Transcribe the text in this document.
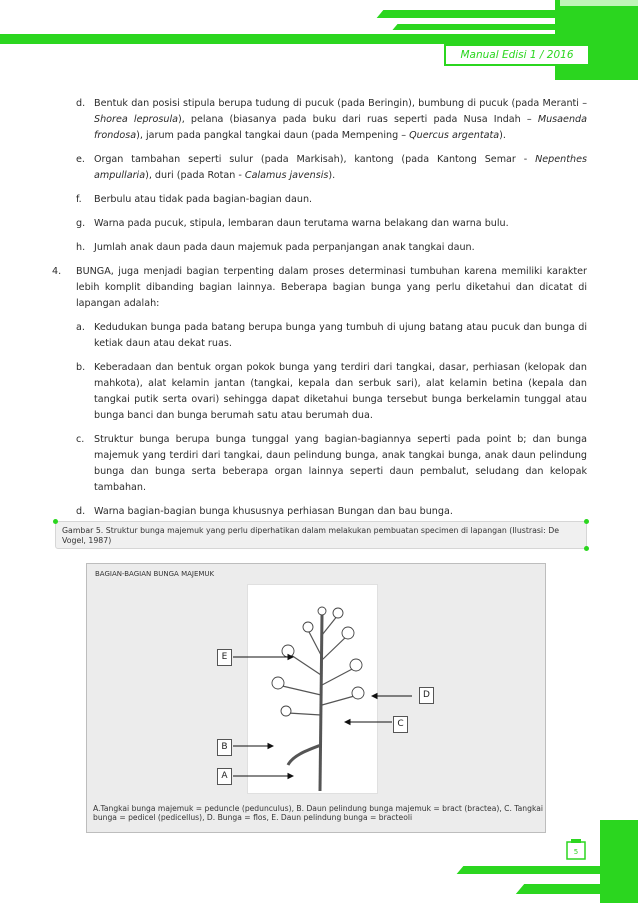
Manual Edisi 1 / 2016
d. Bentuk dan posisi stipula berupa tudung di pucuk (pada Beringin), bumbung di pucuk (pada Meranti – Shorea leprosula), pelana (biasanya pada buku dari ruas seperti pada Nusa Indah – Musaenda frondosa), jarum pada pangkal tangkai daun (pada Mempening – Quercus argentata).
e. Organ tambahan seperti sulur (pada Markisah), kantong (pada Kantong Semar - Nepenthes ampullaria), duri (pada Rotan - Calamus javensis).
f.	Berbulu atau tidak pada bagian-bagian daun.
g. Warna pada pucuk, stipula, lembaran daun terutama warna belakang dan warna bulu.
h. Jumlah anak daun pada daun majemuk pada perpanjangan anak tangkai daun.
4.	BUNGA, juga menjadi bagian terpenting dalam proses determinasi tumbuhan karena memiliki karakter lebih komplit dibanding bagian lainnya. Beberapa bagian bunga yang perlu diketahui dan dicatat di lapangan adalah:
a. Kedudukan bunga pada batang berupa bunga yang tumbuh di ujung batang atau pucuk dan bunga di ketiak daun atau dekat ruas.
b. Keberadaan dan bentuk organ pokok bunga yang terdiri dari tangkai, dasar, perhiasan (kelopak dan mahkota), alat kelamin jantan (tangkai, kepala dan serbuk sari), alat kelamin betina (kepala dan tangkai putik serta ovari) sehingga dapat diketahui bunga tersebut bunga berkelamin tunggal atau bunga banci dan bunga berumah satu atau berumah dua.
c.	Struktur bunga berupa bunga tunggal yang bagian-bagiannya seperti pada point b; dan bunga majemuk yang terdiri dari tangkai, daun pelindung bunga, anak tangkai bunga, anak daun pelindung bunga dan bunga serta beberapa organ lainnya seperti daun pembalut, seludang dan kelopak tambahan.
d. Warna bagian-bagian bunga khususnya perhiasan Bungan dan bau bunga.
Gambar 5. Struktur bunga majemuk yang perlu diperhatikan dalam melakukan pembuatan specimen di lapangan (Ilustrasi: De Vogel, 1987)
BAGIAN-BAGIAN BUNGA MAJEMUK
E
D
C
B
A
A.Tangkai bunga majemuk = peduncle (pedunculus), B. Daun pelindung bunga majemuk = bract (bractea), C. Tangkai bunga = pedicel (pedicellus), D. Bunga = flos, E. Daun pelindung bunga = bracteoli
5
